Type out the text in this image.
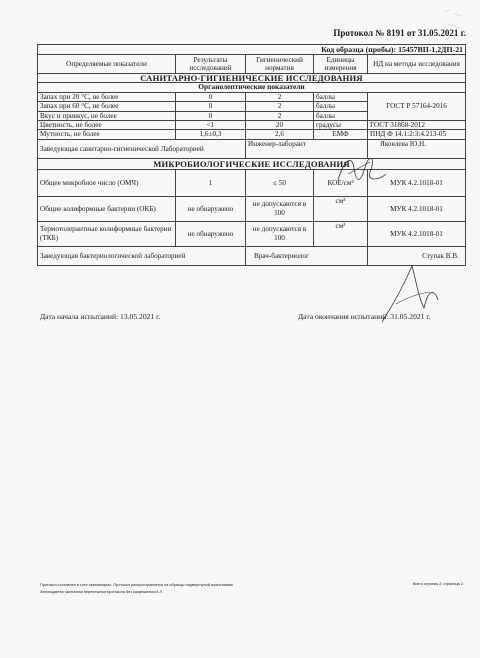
Протокол № 8191 от 31.05.2021 г.
Код образца (пробы): 15457ВП-1,2ДП-21				
Определяемые показатели	Результаты исследований	Гигиенический норматив	Единицы измерения	НД на методы исследования
САНИТАРНО-ГИГИЕНИЧЕСКИЕ ИССЛЕДОВАНИЯ				
Органолептические показатели				
Запах при 20 °С, не более	0	2	баллы	ГОСТ Р 57164-2016
Запах при 60 °С, не более	0	2	баллы	
Вкус и привкус, не более	0	2	баллы	
Цветность, не более	<1	20	градусы	ГОСТ 31868-2012
Мутность, не более	1,6±0,3	2,6	ЕМФ	ПНД Ф 14.1:2:3:4.213-05
Заведующая санитарно-гигиенической Лабораторией		Инженер-лаборант		Яковлева Ю.Н.
МИКРОБИОЛОГИЧЕСКИЕ ИССЛЕДОВАНИЯ				
Общее микробное число (ОМЧ)	1	≤ 50	КОЕ/см³	МУК 4.2.1018-01
Общие колиформные бактерии (ОКБ)	не обнаружено	не допускаются в 100	см³	МУК 4.2.1018-01
Термотолерантные колиформные бактерии (ТКБ)	не обнаружено	не допускаются в 100	см³	МУК 4.2.1018-01
Заведующая бактериологической лабораторией		Врач-бактериолог		Ступак В.В.
Дата начала испытаний: 13.05.2021 г.	Дата окончания испытаний: 31.05.2021 г.
Протокол составлен в трех экземплярах. Протокол распространяется на образцы подвергнутый испытаниям.
Запрещается частичная перепечатка протокола без разрешения И.Л.
Всего страниц 2; страница 2.
